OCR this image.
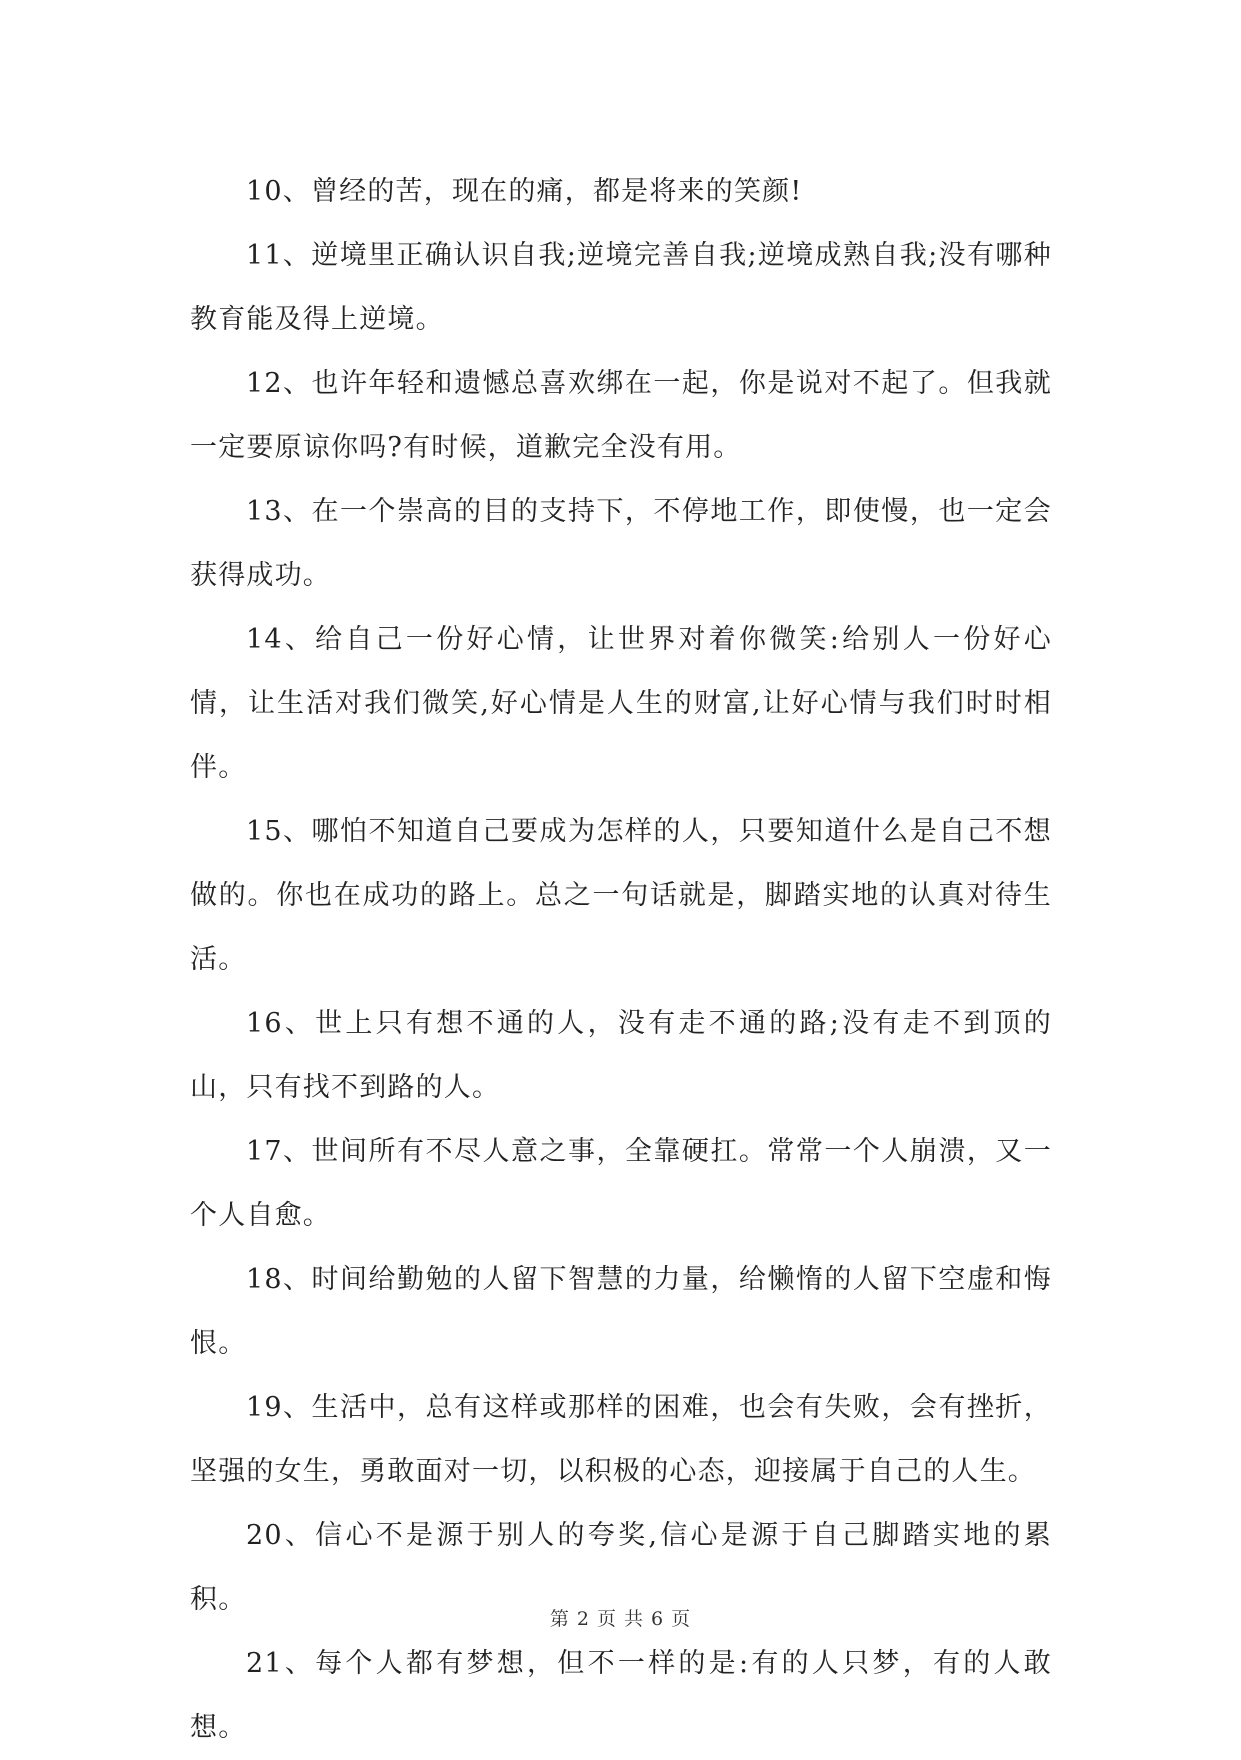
10、曾经的苦，现在的痛，都是将来的笑颜!

11、逆境里正确认识自我;逆境完善自我;逆境成熟自我;没有哪种教育能及得上逆境。

12、也许年轻和遗憾总喜欢绑在一起，你是说对不起了。但我就一定要原谅你吗?有时候，道歉完全没有用。

13、在一个崇高的目的支持下，不停地工作，即使慢，也一定会获得成功。

14、给自己一份好心情，让世界对着你微笑:给别人一份好心情，让生活对我们微笑,好心情是人生的财富,让好心情与我们时时相伴。

15、哪怕不知道自己要成为怎样的人，只要知道什么是自己不想做的。你也在成功的路上。总之一句话就是，脚踏实地的认真对待生活。

16、世上只有想不通的人，没有走不通的路;没有走不到顶的山，只有找不到路的人。

17、世间所有不尽人意之事，全靠硬扛。常常一个人崩溃，又一个人自愈。

18、时间给勤勉的人留下智慧的力量，给懒惰的人留下空虚和悔恨。

19、生活中，总有这样或那样的困难，也会有失败，会有挫折，坚强的女生，勇敢面对一切，以积极的心态，迎接属于自己的人生。

20、信心不是源于别人的夸奖,信心是源于自己脚踏实地的累积。

21、每个人都有梦想，但不一样的是:有的人只梦，有的人敢想。

第 2 页 共 6 页
